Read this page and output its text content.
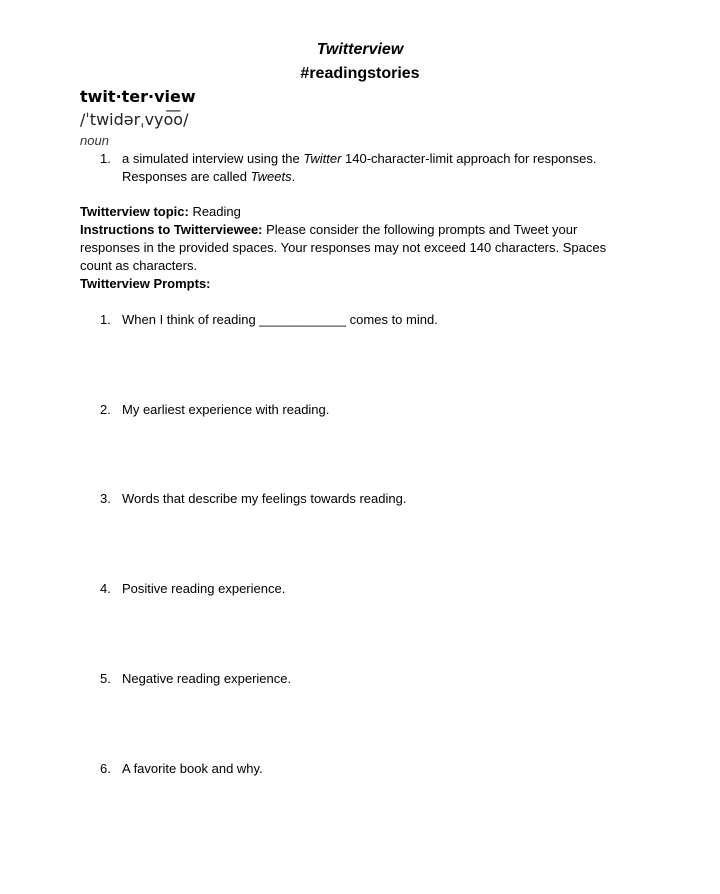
Twitterview
#readingstories
twit·ter·view
/ˈtwidərˌvyo͞o/
noun
1. a simulated interview using the Twitter 140-character-limit approach for responses. Responses are called Tweets.
Twitterview topic: Reading
Instructions to Twitterviewee: Please consider the following prompts and Tweet your responses in the provided spaces. Your responses may not exceed 140 characters. Spaces count as characters.
Twitterview Prompts:
1. When I think of reading ____________ comes to mind.
2. My earliest experience with reading.
3. Words that describe my feelings towards reading.
4. Positive reading experience.
5. Negative reading experience.
6. A favorite book and why.
